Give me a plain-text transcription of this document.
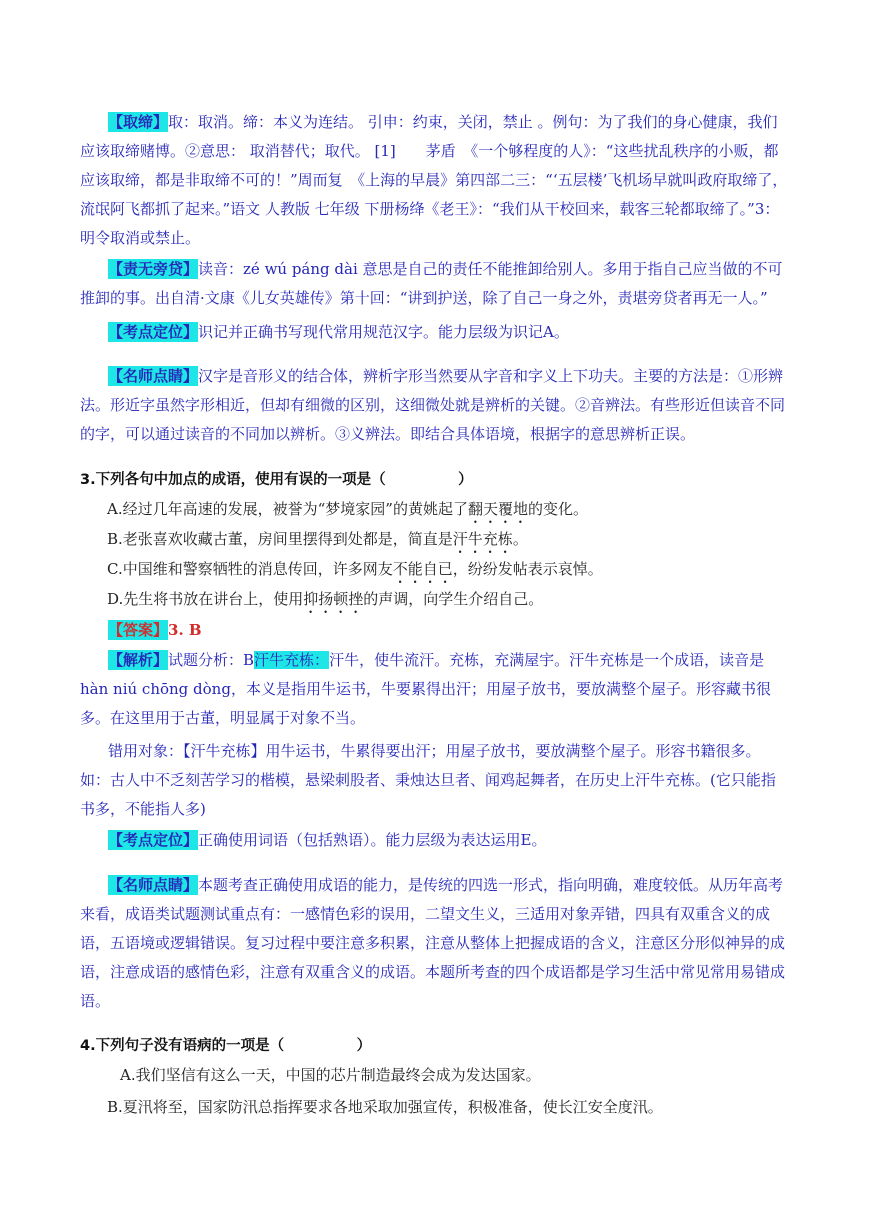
【取缔】取：取消。缔：本义为连结。 引申：约束，关闭，禁止 。例句：为了我们的身心健康，我们应该取缔赌博。②意思： 取消替代；取代。 [1]　　茅盾　《一个够程度的人》：“这些扰乱秩序的小贩，都应该取缔，都是非取缔不可的！”周而复　《上海的早晨》第四部二三：“‘五层楼’飞机场早就叫政府取缔了，流氓阿飞都抓了起来。”语文 人教版 七年级 下册杨绛《老王》：“我们从干校回来，载客三轮都取缔了。”3：明令取消或禁止。

【责无旁贷】读音：zé wú páng dài 意思是自己的责任不能推卸给别人。多用于指自己应当做的不可推卸的事。出自清·文康《儿女英雄传》第十回：“讲到护送，除了自己一身之外，责堪旁贷者再无一人。”

【考点定位】识记并正确书写现代常用规范汉字。能力层级为识记A。

【名师点睛】汉字是音形义的结合体，辨析字形当然要从字音和字义上下功夫。主要的方法是：①形辨法。形近字虽然字形相近，但却有细微的区别，这细微处就是辨析的关键。②音辨法。有些形近但读音不同的字，可以通过读音的不同加以辨析。③义辨法。即结合具体语境，根据字的意思辨析正误。

3.下列各句中加点的成语，使用有误的一项是（　　　　　）
A.经过几年高速的发展，被誉为“梦境家园”的黄姚起了翻天覆地的变化。
B.老张喜欢收藏古董，房间里摆得到处都是，简直是汗牛充栋。
C.中国维和警察牺牲的消息传回，许多网友不能自已，纷纷发帖表示哀悼。
D.先生将书放在讲台上，使用抑扬顿挫的声调，向学生介绍自己。

【答案】3. B

【解析】试题分析：B汗牛充栋：汗牛，使牛流汗。充栋，充满屋宇。汗牛充栋是一个成语，读音是hàn niú chōng dòng，本义是指用牛运书，牛要累得出汗；用屋子放书，要放满整个屋子。形容藏书很多。在这里用于古董，明显属于对象不当。

错用对象：【汗牛充栋】用牛运书，牛累得要出汗；用屋子放书，要放满整个屋子。形容书籍很多。如：古人中不乏刻苦学习的楷模，悬梁刺股者、秉烛达旦者、闻鸡起舞者，在历史上汗牛充栋。(它只能指书多，不能指人多)

【考点定位】正确使用词语（包括熟语）。能力层级为表达运用E。

【名师点睛】本题考查正确使用成语的能力，是传统的四选一形式，指向明确，难度较低。从历年高考来看，成语类试题测试重点有：一感情色彩的误用，二望文生义，三适用对象弄错，四具有双重含义的成语，五语境或逻辑错误。复习过程中要注意多积累，注意从整体上把握成语的含义，注意区分形似神异的成语，注意成语的感情色彩，注意有双重含义的成语。本题所考查的四个成语都是学习生活中常见常用易错成语。

4.下列句子没有语病的一项是（　　　　　）
A.我们坚信有这么一天，中国的芯片制造最终会成为发达国家。
B.夏汛将至，国家防汛总指挥要求各地采取加强宣传，积极准备，使长江安全度汛。
